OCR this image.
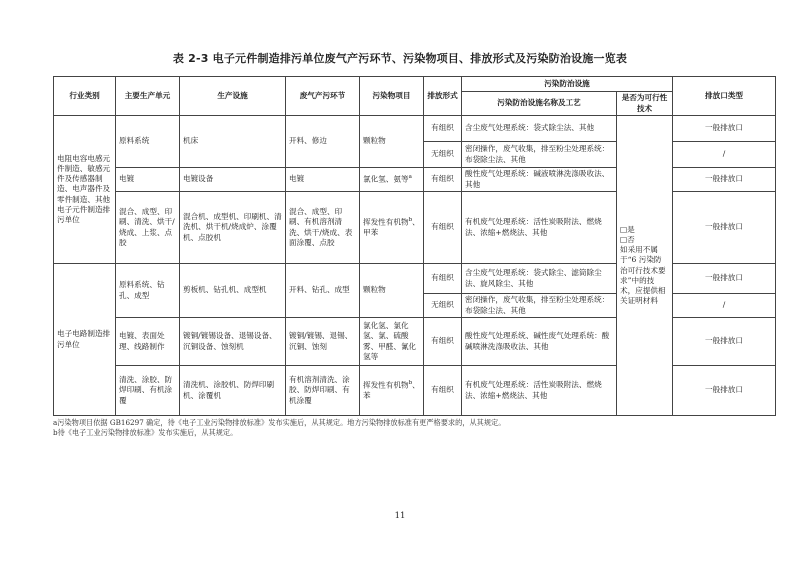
表 2-3 电子元件制造排污单位废气产污环节、污染物项目、排放形式及污染防治设施一览表
行业类别	主要生产单元	生产设施	废气产污环节	污染物项目	排放形式	污染防治设施		排放口类型
						污染防治设施名称及工艺	是否为可行性技术	
电阻电容电感元件制造、敏感元件及传感器制造、电声器件及零件制造、其他电子元件制造排污单位	原料系统	机床	开料、修边	颗粒物	有组织	含尘废气处理系统：袋式除尘法、其他	□是
□否
如采用不属于“6 污染防治可行技术要求”中的技术，应提供相关证明材料	一般排放口
					无组织	密闭操作，废气收集，排至粉尘处理系统：布袋除尘法、其他		/
	电镀	电镀设备	电镀	氯化氢、氨等$^a$	有组织	酸性废气处理系统：碱液喷淋洗涤吸收法、其他		一般排放口
	混合、成型、印刷、清洗、烘干/烧成、上浆、点胶	混合机、成型机、印刷机、清洗机、烘干机/烧成炉、涂覆机、点胶机	混合、成型、印刷、有机溶剂清洗、烘干/烧成、表面涂覆、点胶	挥发性有机物$^b$、甲苯	有组织	有机废气处理系统：活性炭吸附法、燃烧法、浓缩+燃烧法、其他		一般排放口

电子电路制造排污单位	原料系统、钻孔、成型	剪板机、钻孔机、成型机	开料、钻孔、成型	颗粒物	有组织	含尘废气处理系统：袋式除尘、滤筒除尘法、旋风除尘、其他		一般排放口
					无组织	密闭操作，废气收集，排至粉尘处理系统：布袋除尘法、其他		/
	电镀、表面处理、线路制作	镀铜/镀锡设备、退锡设备、沉铜设备、蚀刻机	镀铜/镀锡、退锡、沉铜、蚀刻	氯化氢、氯化氢、氯、硫酸雾、甲醛、氰化氢等	有组织	酸性废气处理系统、碱性废气处理系统：酸碱喷淋洗涤吸收法、其他		一般排放口
	清洗、涂胶、防焊印刷、有机涂覆	清洗机、涂胶机、防焊印刷机、涂覆机	有机溶剂清洗、涂胶、防焊印刷、有机涂覆	挥发性有机物$^b$、苯	有组织	有机废气处理系统：活性炭吸附法、燃烧法、浓缩+燃烧法、其他		一般排放口
a污染物项目依据 GB16297 确定，待《电子工业污染物排放标准》发布实施后，从其规定。地方污染物排放标准有更严格要求的，从其规定。
b待《电子工业污染物排放标准》发布实施后，从其规定。
11
